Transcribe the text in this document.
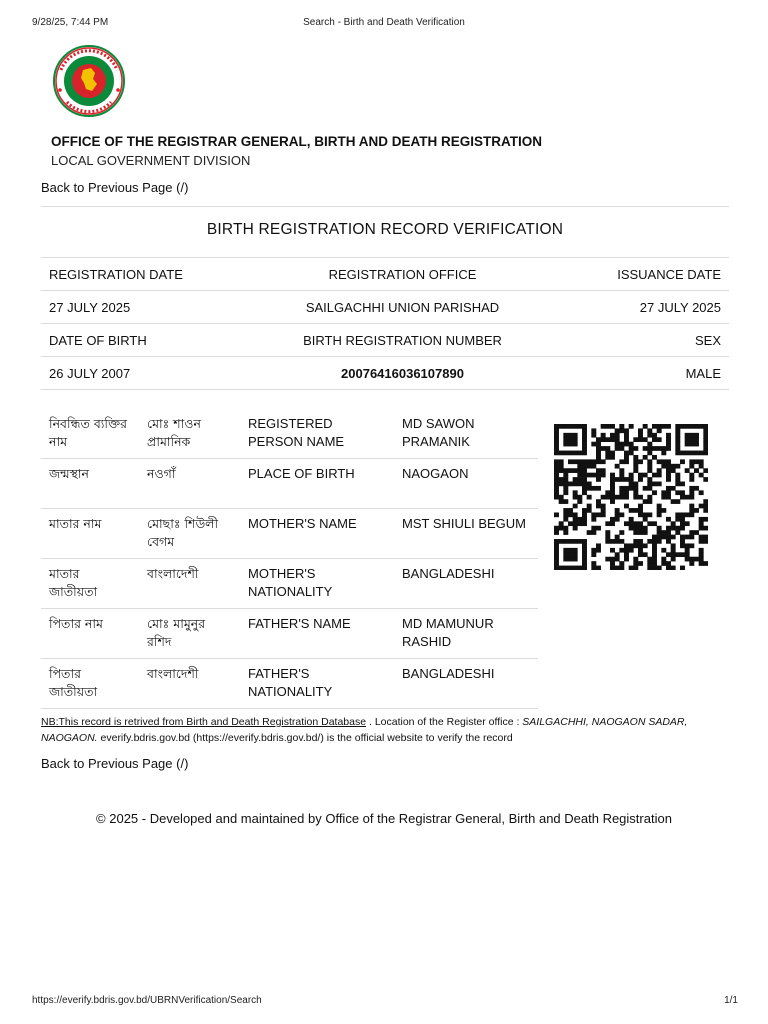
9/28/25, 7:44 PM	Search - Birth and Death Verification
OFFICE OF THE REGISTRAR GENERAL, BIRTH AND DEATH REGISTRATION
LOCAL GOVERNMENT DIVISION
Back to Previous Page (/)
BIRTH REGISTRATION RECORD VERIFICATION
REGISTRATION DATE	REGISTRATION OFFICE	ISSUANCE DATE
27 JULY 2025	SAILGACHHI UNION PARISHAD	27 JULY 2025
DATE OF BIRTH	BIRTH REGISTRATION NUMBER	SEX
26 JULY 2007	20076416036107890	MALE
নিবন্ধিত ব্যক্তির নাম	মোঃ শাওন প্রামানিক	REGISTERED PERSON NAME	MD SAWON PRAMANIK
জন্মস্থান	নওগাঁ	PLACE OF BIRTH	NAOGAON
মাতার নাম	মোছাঃ শিউলী বেগম	MOTHER'S NAME	MST SHIULI BEGUM
মাতার জাতীয়তা	বাংলাদেশী	MOTHER'S NATIONALITY	BANGLADESHI
পিতার নাম	মোঃ মামুনুর রশিদ	FATHER'S NAME	MD MAMUNUR RASHID
পিতার জাতীয়তা	বাংলাদেশী	FATHER'S NATIONALITY	BANGLADESHI
NB:This record is retrived from Birth and Death Registration Database . Location of the Register office : SAILGACHHI, NAOGAON SADAR, NAOGAON. everify.bdris.gov.bd (https://everify.bdris.gov.bd/) is the official website to verify the record
Back to Previous Page (/)
© 2025 - Developed and maintained by Office of the Registrar General, Birth and Death Registration
https://everify.bdris.gov.bd/UBRNVerification/Search	1/1
